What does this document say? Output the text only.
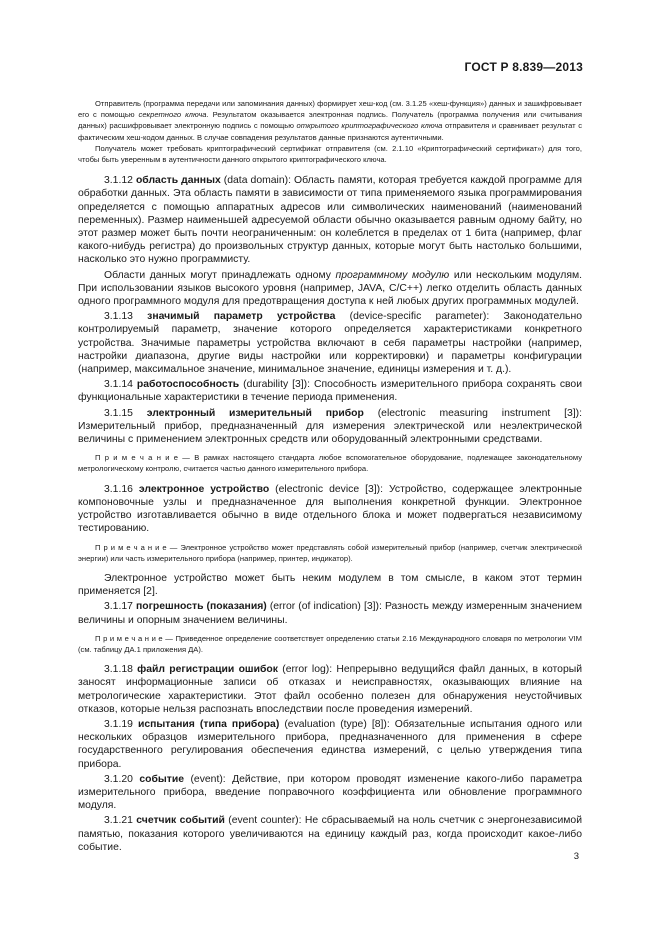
ГОСТ Р 8.839—2013

Отправитель (программа передачи или запоминания данных) формирует хеш-код (см. 3.1.25 «хеш-функция») данных и зашифровывает его с помощью секретного ключа. Результатом оказывается электронная подпись. Получатель (программа получения или считывания данных) расшифровывает электронную подпись с помощью открытого криптографического ключа отправителя и сравнивает результат с фактическим хеш-кодом данных. В случае совпадения результатов данные признаются аутентичными.

Получатель может требовать криптографический сертификат отправителя (см. 2.1.10 «Криптографический сертификат») для того, чтобы быть уверенным в аутентичности данного открытого криптографического ключа.

3.1.12 область данных (data domain): Область памяти, которая требуется каждой программе для обработки данных. Эта область памяти в зависимости от типа применяемого языка программирования определяется с помощью аппаратных адресов или символических наименований (наименований переменных). Размер наименьшей адресуемой области обычно оказывается равным одному байту, но этот размер может быть почти неограниченным: он колеблется в пределах от 1 бита (например, флаг какого-нибудь регистра) до произвольных структур данных, которые могут быть настолько большими, насколько это нужно программисту.

Области данных могут принадлежать одному программному модулю или нескольким модулям. При использовании языков высокого уровня (например, JAVA, C/C++) легко отделить область данных одного программного модуля для предотвращения доступа к ней любых других программных модулей.

3.1.13 значимый параметр устройства (device-specific parameter): Законодательно контролируемый параметр, значение которого определяется характеристиками конкретного устройства. Значимые параметры устройства включают в себя параметры настройки (например, настройки диапазона, другие виды настройки или корректировки) и параметры конфигурации (например, максимальное значение, минимальное значение, единицы измерения и т. д.).

3.1.14 работоспособность (durability [3]): Способность измерительного прибора сохранять свои функциональные характеристики в течение периода применения.

3.1.15 электронный измерительный прибор (electronic measuring instrument [3]): Измерительный прибор, предназначенный для измерения электрической или неэлектрической величины с применением электронных средств или оборудованный электронными средствами.

П р и м е ч а н и е — В рамках настоящего стандарта любое вспомогательное оборудование, подлежащее законодательному метрологическому контролю, считается частью данного измерительного прибора.

3.1.16 электронное устройство (electronic device [3]): Устройство, содержащее электронные компоновочные узлы и предназначенное для выполнения конкретной функции. Электронное устройство изготавливается обычно в виде отдельного блока и может подвергаться независимому тестированию.

П р и м е ч а н и е — Электронное устройство может представлять собой измерительный прибор (например, счетчик электрической энергии) или часть измерительного прибора (например, принтер, индикатор).

Электронное устройство может быть неким модулем в том смысле, в каком этот термин применяется [2].

3.1.17 погрешность (показания) (error (of indication) [3]): Разность между измеренным значением величины и опорным значением величины.

П р и м е ч а н и е — Приведенное определение соответствует определению статьи 2.16 Международного словаря по метрологии VIM (см. таблицу ДА.1 приложения ДА).

3.1.18 файл регистрации ошибок (error log): Непрерывно ведущийся файл данных, в который заносят информационные записи об отказах и неисправностях, оказывающих влияние на метрологические характеристики. Этот файл особенно полезен для обнаружения неустойчивых отказов, которые нельзя распознать впоследствии после проведения измерений.

3.1.19 испытания (типа прибора) (evaluation (type) [8]): Обязательные испытания одного или нескольких образцов измерительного прибора, предназначенного для применения в сфере государственного регулирования обеспечения единства измерений, с целью утверждения типа прибора.

3.1.20 событие (event): Действие, при котором проводят изменение какого-либо параметра измерительного прибора, введение поправочного коэффициента или обновление программного модуля.

3.1.21 счетчик событий (event counter): Не сбрасываемый на ноль счетчик с энергонезависимой памятью, показания которого увеличиваются на единицу каждый раз, когда происходит какое-либо событие.

3
